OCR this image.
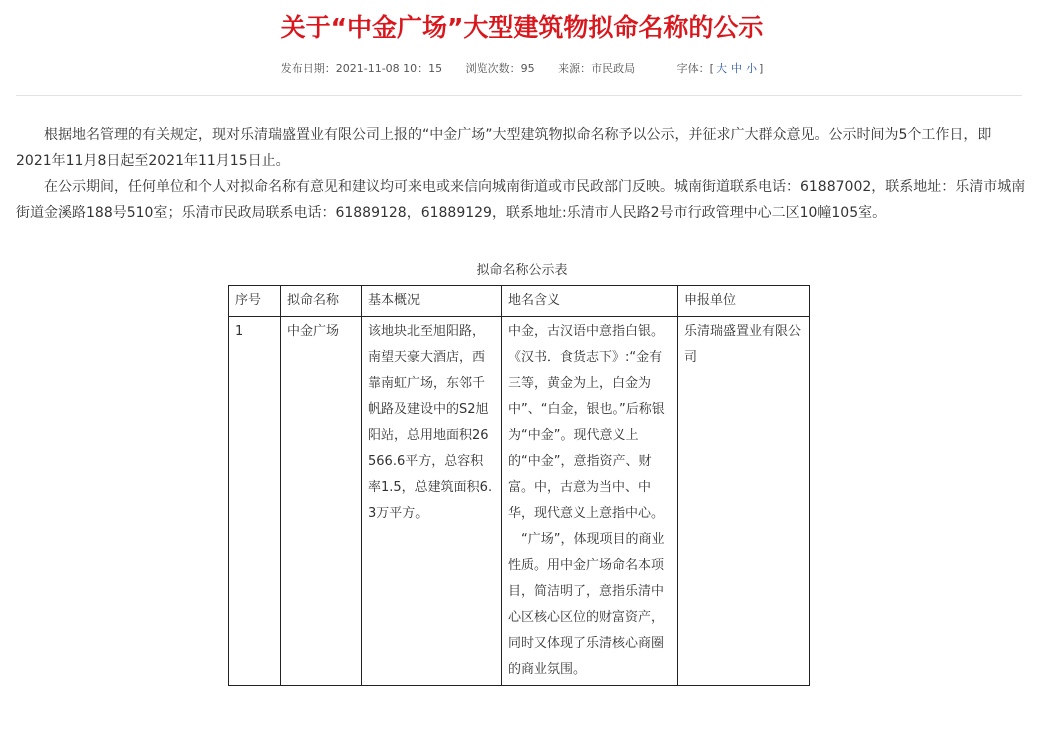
关于“中金广场”大型建筑物拟命名称的公示
发布日期：2021-11-08 10：15 浏览次数：95 来源：市民政局	字体：[ 大 中 小 ]

根据地名管理的有关规定，现对乐清瑞盛置业有限公司上报的“中金广场”大型建筑物拟命名称予以公示，并征求广大群众意见。公示时间为5个工作日，即2021年11月8日起至2021年11月15日止。

在公示期间，任何单位和个人对拟命名称有意见和建议均可来电或来信向城南街道或市民政部门反映。城南街道联系电话：61887002，联系地址：乐清市城南街道金溪路188号510室；乐清市民政局联系电话：61889128，61889129，联系地址:乐清市人民路2号市行政管理中心二区10幢105室。

拟命名称公示表
序号	拟命名称	基本概况	地名含义	申报单位
1	中金广场	该地块北至旭阳路，南望天豪大酒店，西靠南虹广场，东邻千帆路及建设中的S2旭阳站，总用地面积26566.6平方，总容积率1.5，总建筑面积6.3万平方。	中金，古汉语中意指白银。《汉书．食货志下》:“金有三等，黄金为上，白金为中”、“白金，银也。”后称银为“中金”。现代意义上的“中金”，意指资产、财富。中，古意为当中、中华，现代意义上意指中心。
“广场”，体现项目的商业性质。用中金广场命名本项目，简洁明了，意指乐清中心区核心区位的财富资产，同时又体现了乐清核心商圈的商业氛围。	乐清瑞盛置业有限公司
